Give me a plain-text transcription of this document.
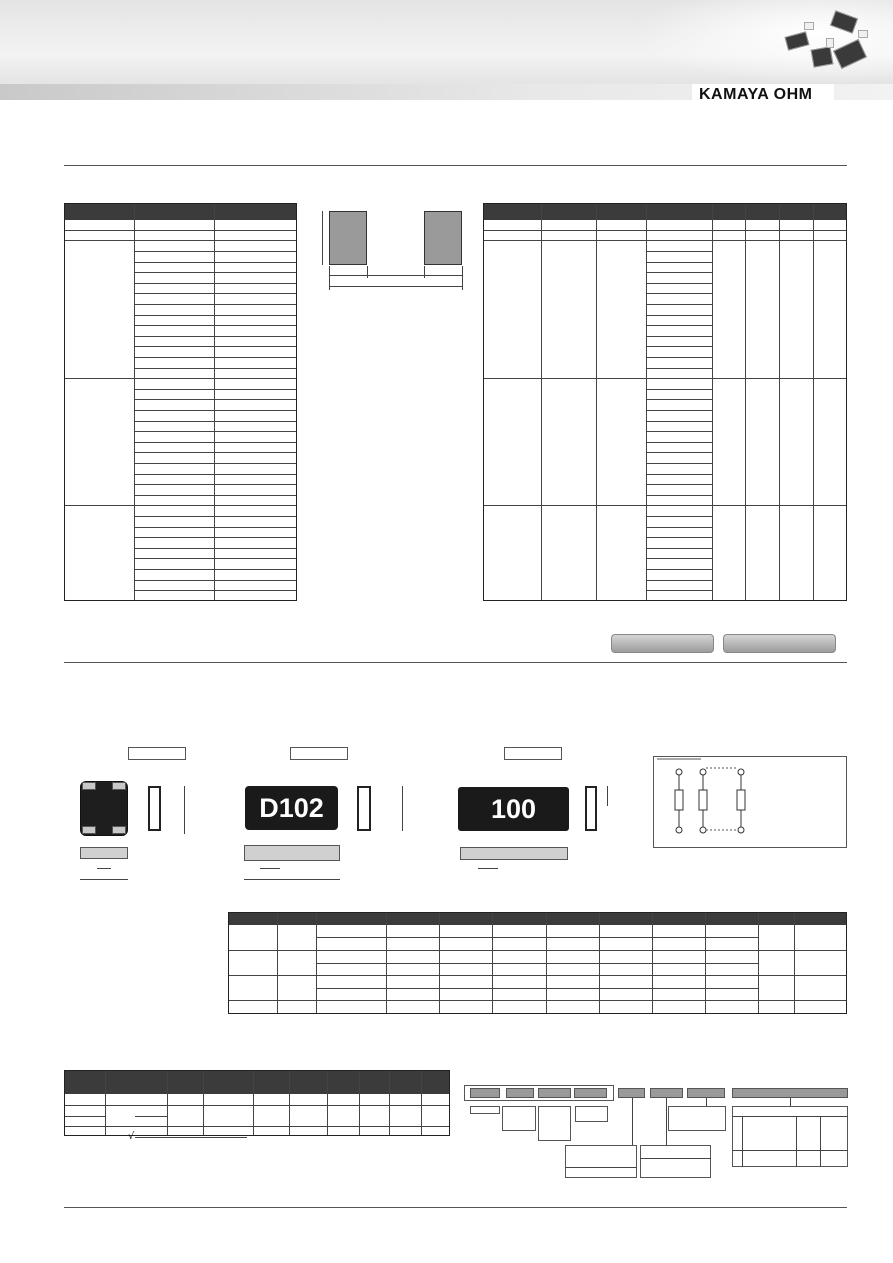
KAMAYA OHM
D102	100
√
